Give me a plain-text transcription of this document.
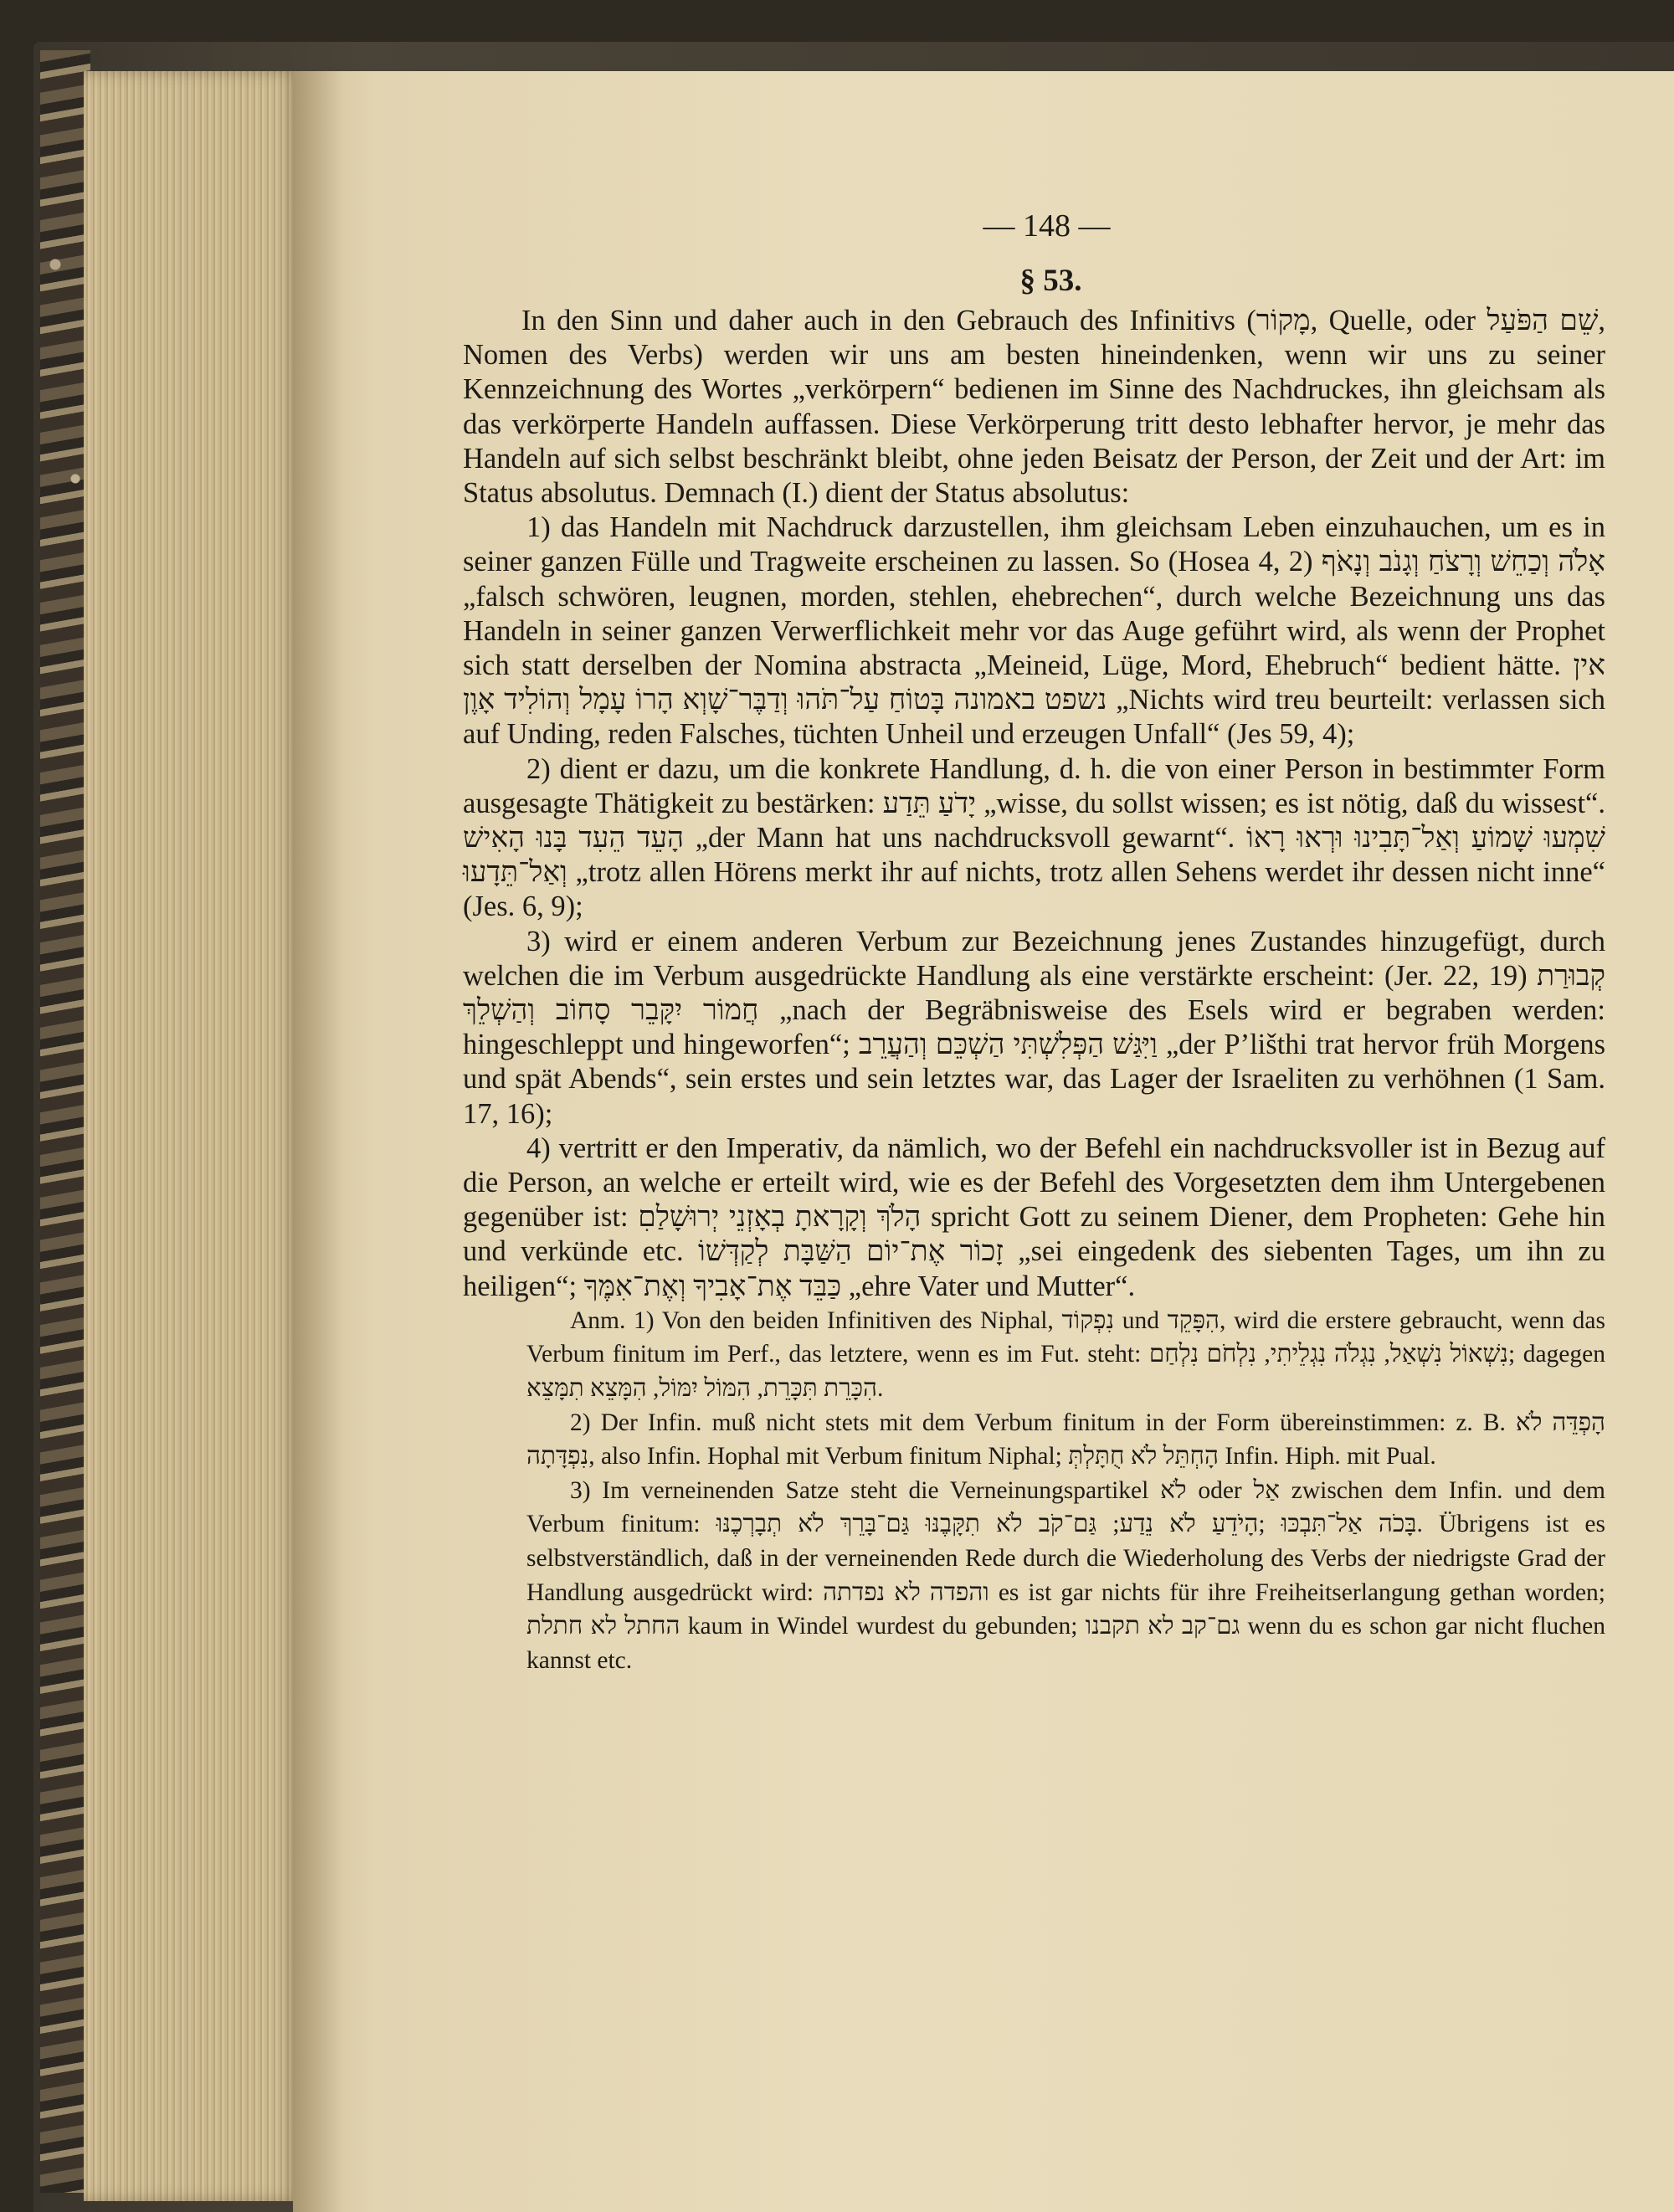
— 148 —
§ 53.

In den Sinn und daher auch in den Gebrauch des Infinitivs (מָקוֹר, Quelle, oder שֵׁם הַפֹּעַל, Nomen des Verbs) werden wir uns am besten hineindenken, wenn wir uns zu seiner Kennzeichnung des Wortes „verkörpern“ bedienen im Sinne des Nachdruckes, ihn gleichsam als das verkörperte Handeln auffassen. Diese Verkörperung tritt desto lebhafter hervor, je mehr das Handeln auf sich selbst beschränkt bleibt, ohne jeden Beisatz der Person, der Zeit und der Art: im Status absolutus. Demnach (I.) dient der Status absolutus:

1) das Handeln mit Nachdruck darzustellen, ihm gleichsam Leben einzuhauchen, um es in seiner ganzen Fülle und Tragweite erscheinen zu lassen. So (Hosea 4, 2) אָלֹה וְכַחֵשׁ וְרָצֹחַ וְגָנֹב וְנָאֹף „falsch schwören, leugnen, morden, stehlen, ehebrechen“, durch welche Bezeichnung uns das Handeln in seiner ganzen Verwerflichkeit mehr vor das Auge geführt wird, als wenn der Prophet sich statt derselben der Nomina abstracta „Meineid, Lüge, Mord, Ehebruch“ bedient hätte. אין נשפט באמונה בָּטוֹחַ עַל־תֹּהוּ וְדַבֶּר־שָׁוְא הָרוֹ עָמָל וְהוֹלִיד אָוֶן „Nichts wird treu beurteilt: verlassen sich auf Unding, reden Falsches, tüchten Unheil und erzeugen Unfall“ (Jes 59, 4);

2) dient er dazu, um die konkrete Handlung, d. h. die von einer Person in bestimmter Form ausgesagte Thätigkeit zu bestärken: יָדֹעַ תֵּדַע „wisse, du sollst wissen; es ist nötig, daß du wissest“. הָעֵד הֵעִד בָּנוּ הָאִישׁ „der Mann hat uns nachdrucksvoll gewarnt“. שִׁמְעוּ שָׁמוֹעַ וְאַל־תָּבִינוּ וּרְאוּ רָאוֹ וְאַל־תֵּדָעוּ „trotz allen Hörens merkt ihr auf nichts, trotz allen Sehens werdet ihr dessen nicht inne“ (Jes. 6, 9);

3) wird er einem anderen Verbum zur Bezeichnung jenes Zustandes hinzugefügt, durch welchen die im Verbum ausgedrückte Handlung als eine verstärkte erscheint: (Jer. 22, 19) קְבוּרַת חֲמוֹר יִקָּבֵר סָחוֹב וְהַשְׁלֵךְ „nach der Begräbnisweise des Esels wird er begraben werden: hingeschleppt und hingeworfen“; וַיִּגַּשׁ הַפְּלִשְׁתִּי הַשְׁכֵּם וְהַעֲרֵב „der P’lišthi trat hervor früh Morgens und spät Abends“, sein erstes und sein letztes war, das Lager der Israeliten zu verhöhnen (1 Sam. 17, 16);

4) vertritt er den Imperativ, da nämlich, wo der Befehl ein nachdrucksvoller ist in Bezug auf die Person, an welche er erteilt wird, wie es der Befehl des Vorgesetzten dem ihm Untergebenen gegenüber ist: הָלֹךְ וְקָרָאתָ בְאָזְנֵי יְרוּשָׁלַםִ spricht Gott zu seinem Diener, dem Propheten: Gehe hin und verkünde etc. זָכוֹר אֶת־יוֹם הַשַּׁבָּת לְקַדְּשׁוֹ „sei eingedenk des siebenten Tages, um ihn zu heiligen“; כַּבֵּד אֶת־אָבִיךָ וְאֶת־אִמֶּךָ „ehre Vater und Mutter“.

Anm. 1) Von den beiden Infinitiven des Niphal, נִפְקוֹד und הִפָּקֵד, wird die erstere gebraucht, wenn das Verbum finitum im Perf., das letztere, wenn es im Fut. steht: נִשְׁאוֹל נִשְׁאַל, נִגְלֹה נִגְלֵיתִי, נִלְחֹם נִלְחַם; dagegen הִכָּרֵת תִּכָּרֵת, הִמּוֹל יִמּוֹל, הִמָּצֵא תִמָּצֵא.

2) Der Infin. muß nicht stets mit dem Verbum finitum in der Form übereinstimmen: z. B. הָפְדֵּה לֹא נִפְדָּתָה, also Infin. Hophal mit Verbum finitum Niphal; הָחְתֵּל לֹא חֻתָּלְתְּ Infin. Hiph. mit Pual.

3) Im verneinenden Satze steht die Verneinungspartikel לֹא oder אַל zwischen dem Infin. und dem Verbum finitum: בָּכֹה אַל־תִּבְכּוּ ;הָיֹדֵעַ לֹא נֵדַע; גַּם־קֹב לֹא תִקָּבֶנּוּ גַּם־בָּרֵךְ לֹא תְבָרְכֶנּוּ. Übrigens ist es selbstverständlich, daß in der verneinenden Rede durch die Wiederholung des Verbs der niedrigste Grad der Handlung ausgedrückt wird: והפדה לא נפדתה es ist gar nichts für ihre Freiheitserlangung gethan worden; החתל לא חתלת kaum in Windel wurdest du gebunden; גם־קב לא תקבנו wenn du es schon gar nicht fluchen kannst etc.
